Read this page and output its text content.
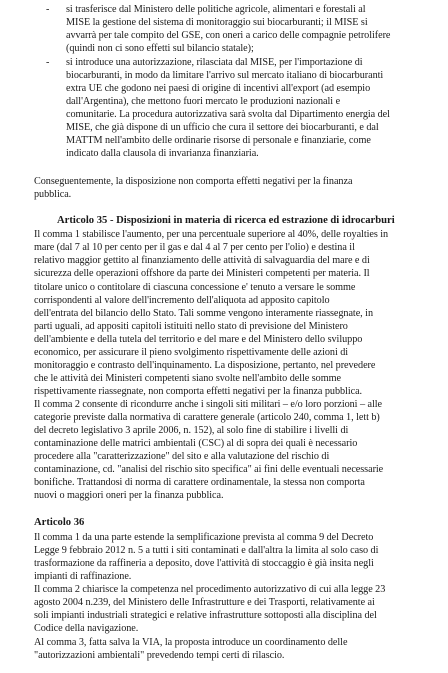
- si trasferisce dal Ministero delle politiche agricole, alimentari e forestali al
MISE la gestione del sistema di monitoraggio sui biocarburanti; il MISE si
avvarrà per tale compito del GSE, con oneri a carico delle compagnie petrolifere
(quindi non ci sono effetti sul bilancio statale);
- si introduce una autorizzazione, rilasciata dal MISE, per l'importazione di
biocarburanti, in modo da limitare l'arrivo sul mercato italiano di biocarburanti
extra UE che godono nei paesi di origine di incentivi all'export (ad esempio
dall'Argentina), che mettono fuori mercato le produzioni nazionali e
comunitarie. La procedura autorizzativa sarà svolta dal Dipartimento energia del
MISE, che già dispone di un ufficio che cura il settore dei biocarburanti, e dal
MATTM nell'ambito delle ordinarie risorse di personale e finanziarie, come
indicato dalla clausola di invarianza finanziaria.
Conseguentemente, la disposizione non comporta effetti negativi per la finanza
pubblica.
Articolo 35 - Disposizioni in materia di ricerca ed estrazione di idrocarburi
Il comma 1 stabilisce l'aumento, per una percentuale superiore al 40%, delle royalties in
mare (dal 7 al 10 per cento per il gas e dal 4 al 7 per cento per l'olio) e destina il
relativo maggior gettito al finanziamento delle attività di salvaguardia del mare e di
sicurezza delle operazioni offshore da parte dei Ministeri competenti per materia. Il
titolare unico o contitolare di ciascuna concessione e' tenuto a versare le somme
corrispondenti al valore dell'incremento dell'aliquota ad apposito capitolo
dell'entrata del bilancio dello Stato. Tali somme vengono interamente riassegnate, in
parti uguali, ad appositi capitoli istituiti nello stato di previsione del Ministero
dell'ambiente e della tutela del territorio e del mare e del Ministero dello sviluppo
economico, per assicurare il pieno svolgimento rispettivamente delle azioni di
monitoraggio e contrasto dell'inquinamento. La disposizione, pertanto, nel prevedere
che le attività dei Ministeri competenti siano svolte nell'ambito delle somme
rispettivamente riassegnate, non comporta effetti negativi per la finanza pubblica.
Il comma 2 consente di ricondurre anche i singoli siti militari – e/o loro porzioni – alle
categorie previste dalla normativa di carattere generale (articolo 240, comma 1, lett b)
del decreto legislativo 3 aprile 2006, n. 152), al solo fine di stabilire i livelli di
contaminazione delle matrici ambientali (CSC) al di sopra dei quali è necessario
procedere alla "caratterizzazione" del sito e alla valutazione del rischio di
contaminazione, cd. "analisi del rischio sito specifica" ai fini delle eventuali necessarie
bonifiche. Trattandosi di norma di carattere ordinamentale, la stessa non comporta
nuovi o maggiori oneri per la finanza pubblica.
Articolo 36
Il comma 1 da una parte estende la semplificazione prevista al comma 9 del Decreto
Legge 9 febbraio 2012 n. 5 a tutti i siti contaminati e dall'altra la limita al solo caso di
trasformazione da raffineria a deposito, dove l'attività di stoccaggio è già insita negli
impianti di raffinazione.
Il comma 2 chiarisce la competenza nel procedimento autorizzativo di cui alla legge 23
agosto 2004 n.239, del Ministero delle Infrastrutture e dei Trasporti, relativamente ai
soli impianti industriali strategici e relative infrastrutture sottoposti alla disciplina del
Codice della navigazione.
Al comma 3, fatta salva la VIA, la proposta introduce un coordinamento delle
"autorizzazioni ambientali" prevedendo tempi certi di rilascio.
